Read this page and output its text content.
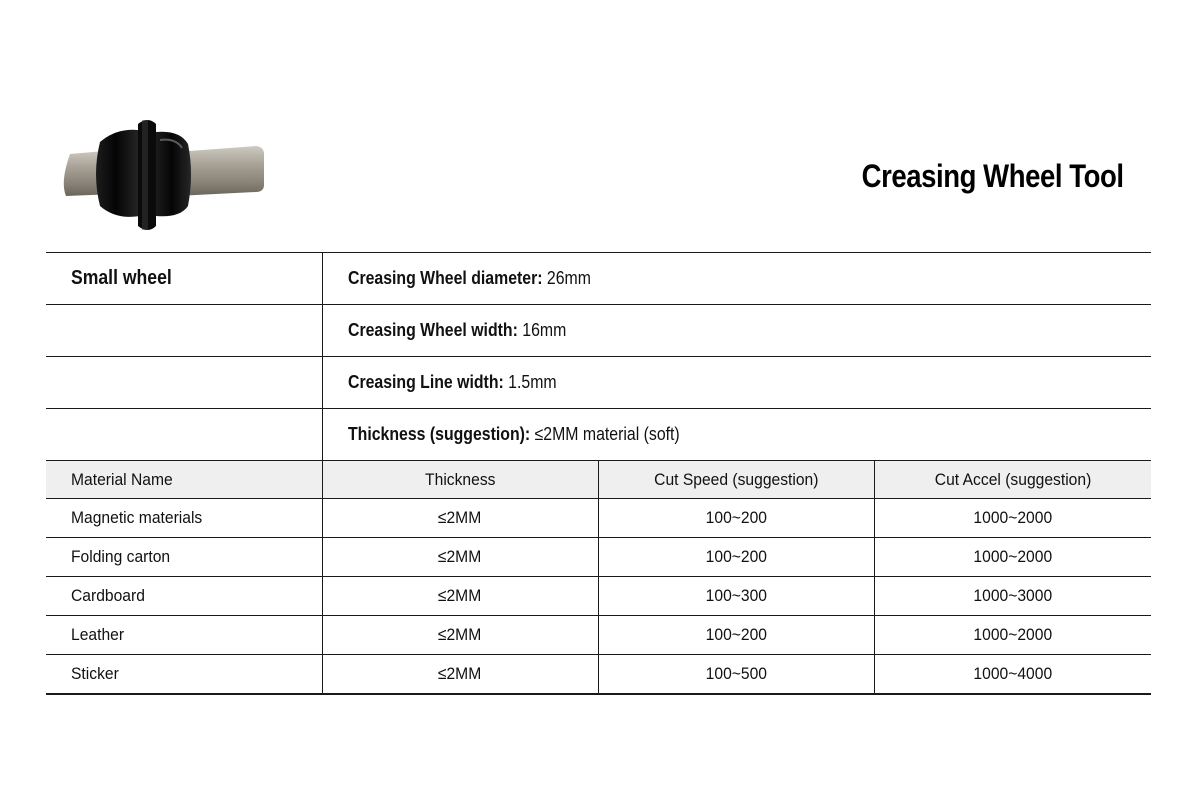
Creasing Wheel Tool
Small wheel	Creasing Wheel diameter: 26mm		
	Creasing Wheel width: 16mm		
	Creasing Line width: 1.5mm		
	Thickness (suggestion): ≤2MM material (soft)		
Material Name	Thickness	Cut Speed (suggestion)	Cut Accel (suggestion)
Magnetic materials	≤2MM	100~200	1000~2000
Folding carton	≤2MM	100~200	1000~2000
Cardboard	≤2MM	100~300	1000~3000
Leather	≤2MM	100~200	1000~2000
Sticker	≤2MM	100~500	1000~4000
